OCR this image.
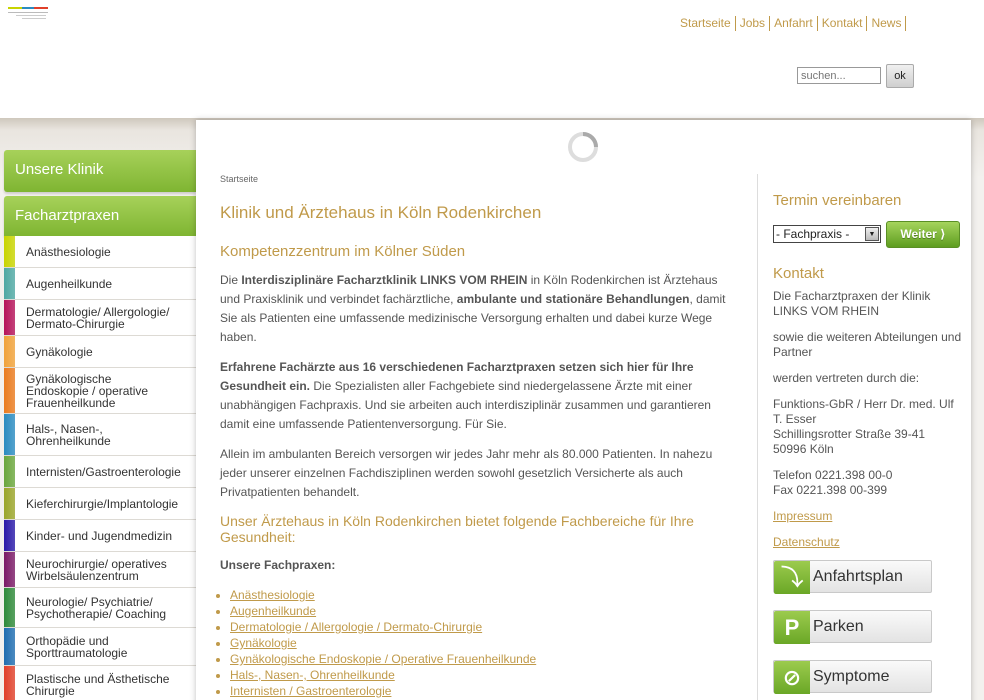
Startseite Jobs Anfahrt Kontakt News
suchen...
ok
Unsere Klinik
Facharztpraxen
Anästhesiologie
Augenheilkunde
Dermatologie/ Allergologie/
Dermato-Chirurgie
Gynäkologie
Gynäkologische
Endoskopie / operative
Frauenheilkunde
Hals-, Nasen-,
Ohrenheilkunde
Internisten/Gastroenterologie
Kieferchirurgie/Implantologie
Kinder- und Jugendmedizin
Neurochirurgie/ operatives
Wirbelsäulenzentrum
Neurologie/ Psychiatrie/
Psychotherapie/ Coaching
Orthopädie und
Sporttraumatologie
Plastische und Ästhetische
Chirurgie
Startseite
Klinik und Ärztehaus in Köln Rodenkirchen
Kompetenzzentrum im Kölner Süden

Die Interdisziplinäre Facharztklinik LINKS VOM RHEIN in Köln Rodenkirchen ist Ärztehaus und Praxisklinik und verbindet fachärztliche, ambulante und stationäre Behandlungen, damit Sie als Patienten eine umfassende medizinische Versorgung erhalten und dabei kurze Wege haben.

Erfahrene Fachärzte aus 16 verschiedenen Facharztpraxen setzen sich hier für Ihre Gesundheit ein. Die Spezialisten aller Fachgebiete sind niedergelassene Ärzte mit einer unabhängigen Fachpraxis. Und sie arbeiten auch interdisziplinär zusammen und garantieren damit eine umfassende Patientenversorgung. Für Sie.

Allein im ambulanten Bereich versorgen wir jedes Jahr mehr als 80.000 Patienten. In nahezu jeder unserer einzelnen Fachdisziplinen werden sowohl gesetzlich Versicherte als auch Privatpatienten behandelt.

Unser Ärztehaus in Köln Rodenkirchen bietet folgende Fachbereiche für Ihre Gesundheit:
Unsere Fachpraxen:
• Anästhesiologie
• Augenheilkunde
• Dermatologie / Allergologie / Dermato-Chirurgie
• Gynäkologie
• Gynäkologische Endoskopie / Operative Frauenheilkunde
• Hals-, Nasen-, Ohrenheilkunde
• Internisten / Gastroenterologie
Termin vereinbaren
- Fachpraxis -	▼	Weiter ⟩
Kontakt
Die Facharztpraxen der Klinik LINKS VOM RHEIN
sowie die weiteren Abteilungen und Partner
werden vertreten durch die:
Funktions-GbR / Herr Dr. med. Ulf T. Esser
Schillingsrotter Straße 39-41
50996 Köln
Telefon 0221.398 00-0
Fax 0221.398 00-399
Impressum
Datenschutz
⤵ Anfahrtsplan
P Parken
⊘ Symptome
